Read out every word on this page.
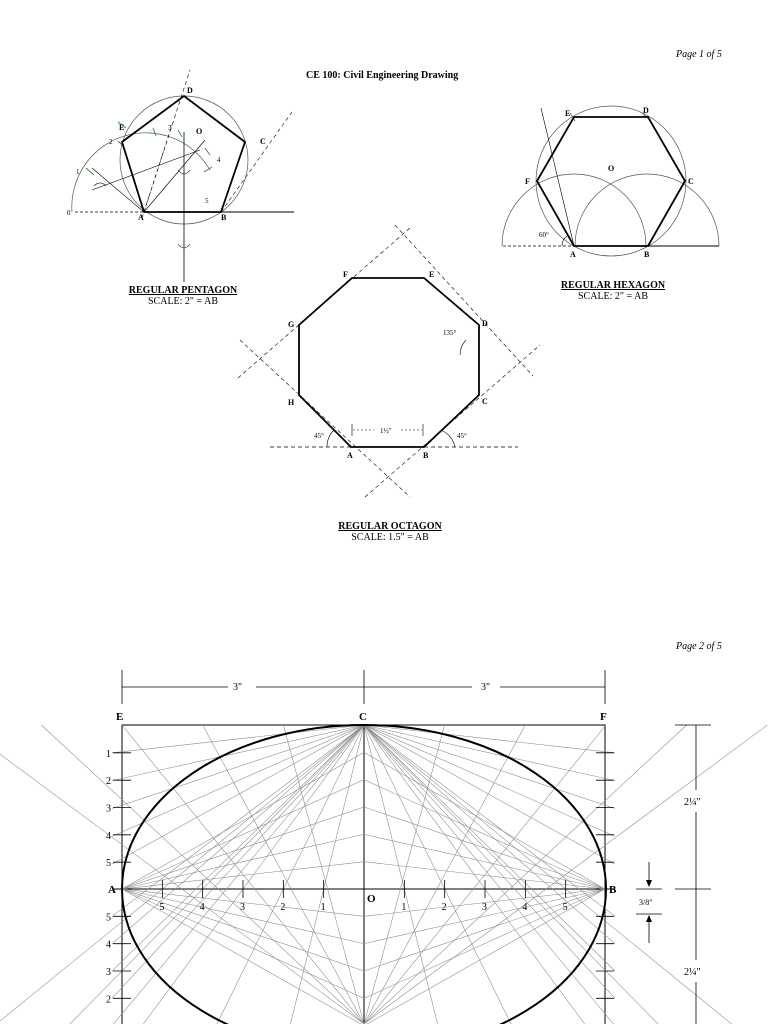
Page 1 of 5
CE 100: Civil Engineering Drawing
REGULAR PENTAGON
SCALE: 2" = AB
REGULAR HEXAGON
SCALE: 2" = AB
REGULAR OCTAGON
SCALE: 1.5" = AB
Page 2 of 5
A	B
C
D
E	O
0
1
2
3
4
5
A	B
C
D
E
F
O
60°
1½"
45°	45°
135°
A	B
C
D
E
F
G
H
3"	3"
E	C	F
A
O
B
1
2
3
4
5
5
4
3
2
5	4	3	2	1	1	2	3	4	5
2¼"
2¼"
3/8"
